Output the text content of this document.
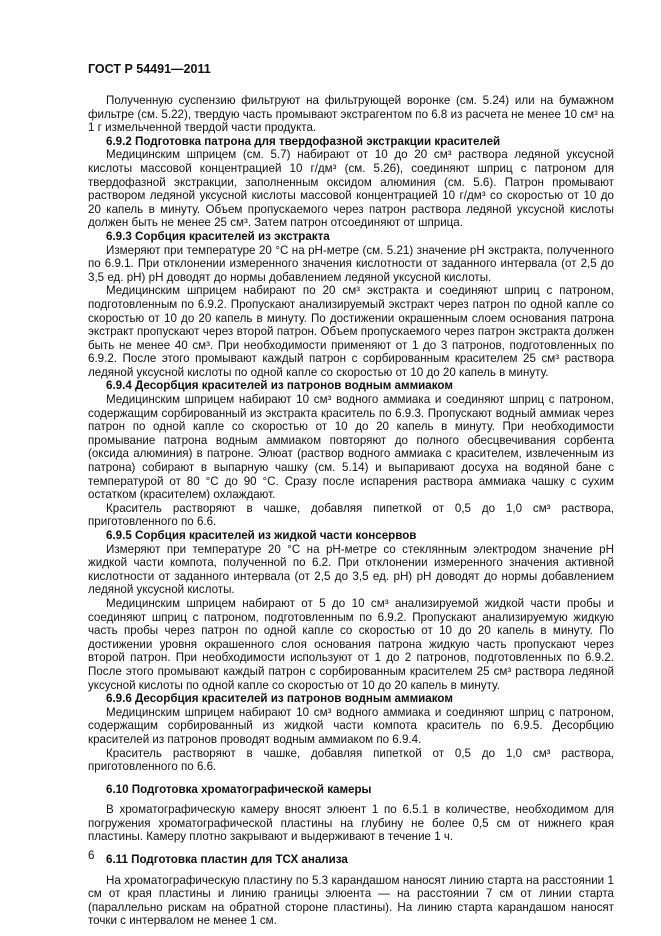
ГОСТ Р 54491—2011

Полученную суспензию фильтруют на фильтрующей воронке (см. 5.24) или на бумажном фильтре (см. 5.22), твердую часть промывают экстрагентом по 6.8 из расчета не менее 10 см³ на 1 г измельченной твердой части продукта.

6.9.2 Подготовка патрона для твердофазной экстракции красителей

Медицинским шприцем (см. 5.7) набирают от 10 до 20 см³ раствора ледяной уксусной кислоты массовой концентрацией 10 г/дм³ (см. 5.26), соединяют шприц с патроном для твердофазной экстракции, заполненным оксидом алюминия (см. 5.6). Патрон промывают раствором ледяной уксусной кислоты массовой концентрацией 10 г/дм³ со скоростью от 10 до 20 капель в минуту. Объем пропускаемого через патрон раствора ледяной уксусной кислоты должен быть не менее 25 см³. Затем патрон отсоединяют от шприца.

6.9.3 Сорбция красителей из экстракта

Измеряют при температуре 20 °С на pH-метре (см. 5.21) значение pH экстракта, полученного по 6.9.1. При отклонении измеренного значения кислотности от заданного интервала (от 2,5 до 3,5 ед. pH) pH доводят до нормы добавлением ледяной уксусной кислоты.

Медицинским шприцем набирают по 20 см³ экстракта и соединяют шприц с патроном, подготовленным по 6.9.2. Пропускают анализируемый экстракт через патрон по одной капле со скоростью от 10 до 20 капель в минуту. По достижении окрашенным слоем основания патрона экстракт пропускают через второй патрон. Объем пропускаемого через патрон экстракта должен быть не менее 40 см³. При необходимости применяют от 1 до 3 патронов, подготовленных по 6.9.2. После этого промывают каждый патрон с сорбированным красителем 25 см³ раствора ледяной уксусной кислоты по одной капле со скоростью от 10 до 20 капель в минуту.

6.9.4 Десорбция красителей из патронов водным аммиаком

Медицинским шприцем набирают 10 см³ водного аммиака и соединяют шприц с патроном, содержащим сорбированный из экстракта краситель по 6.9.3. Пропускают водный аммиак через патрон по одной капле со скоростью от 10 до 20 капель в минуту. При необходимости промывание патрона водным аммиаком повторяют до полного обесцвечивания сорбента (оксида алюминия) в патроне. Элюат (раствор водного аммиака с красителем, извлеченным из патрона) собирают в выпарную чашку (см. 5.14) и выпаривают досуха на водяной бане с температурой от 80 °С до 90 °С. Сразу после испарения раствора аммиака чашку с сухим остатком (красителем) охлаждают.

Краситель растворяют в чашке, добавляя пипеткой от 0,5 до 1,0 см³ раствора, приготовленного по 6.6.

6.9.5 Сорбция красителей из жидкой части консервов

Измеряют при температуре 20 °С на pH-метре со стеклянным электродом значение pH жидкой части компота, полученной по 6.2. При отклонении измеренного значения активной кислотности от заданного интервала (от 2,5 до 3,5 ед. pH) pH доводят до нормы добавлением ледяной уксусной кислоты.

Медицинским шприцем набирают от 5 до 10 см³ анализируемой жидкой части пробы и соединяют шприц с патроном, подготовленным по 6.9.2. Пропускают анализируемую жидкую часть пробы через патрон по одной капле со скоростью от 10 до 20 капель в минуту. По достижении уровня окрашенного слоя основания патрона жидкую часть пропускают через второй патрон. При необходимости используют от 1 до 2 патронов, подготовленных по 6.9.2. После этого промывают каждый патрон с сорбированным красителем 25 см³ раствора ледяной уксусной кислоты по одной капле со скоростью от 10 до 20 капель в минуту.

6.9.6 Десорбция красителей из патронов водным аммиаком

Медицинским шприцем набирают 10 см³ водного аммиака и соединяют шприц с патроном, содержащим сорбированный из жидкой части компота краситель по 6.9.5. Десорбцию красителей из патронов проводят водным аммиаком по 6.9.4.

Краситель растворяют в чашке, добавляя пипеткой от 0,5 до 1,0 см³ раствора, приготовленного по 6.6.

6.10 Подготовка хроматографической камеры

В хроматографическую камеру вносят элюент 1 по 6.5.1 в количестве, необходимом для погружения хроматографической пластины на глубину не более 0,5 см от нижнего края пластины. Камеру плотно закрывают и выдерживают в течение 1 ч.

6.11 Подготовка пластин для ТСХ анализа

На хроматографическую пластину по 5.3 карандашом наносят линию старта на расстоянии 1 см от края пластины и линию границы элюента — на расстоянии 7 см от линии старта (параллельно рискам на обратной стороне пластины). На линию старта карандашом наносят точки с интервалом не менее 1 см.

6
